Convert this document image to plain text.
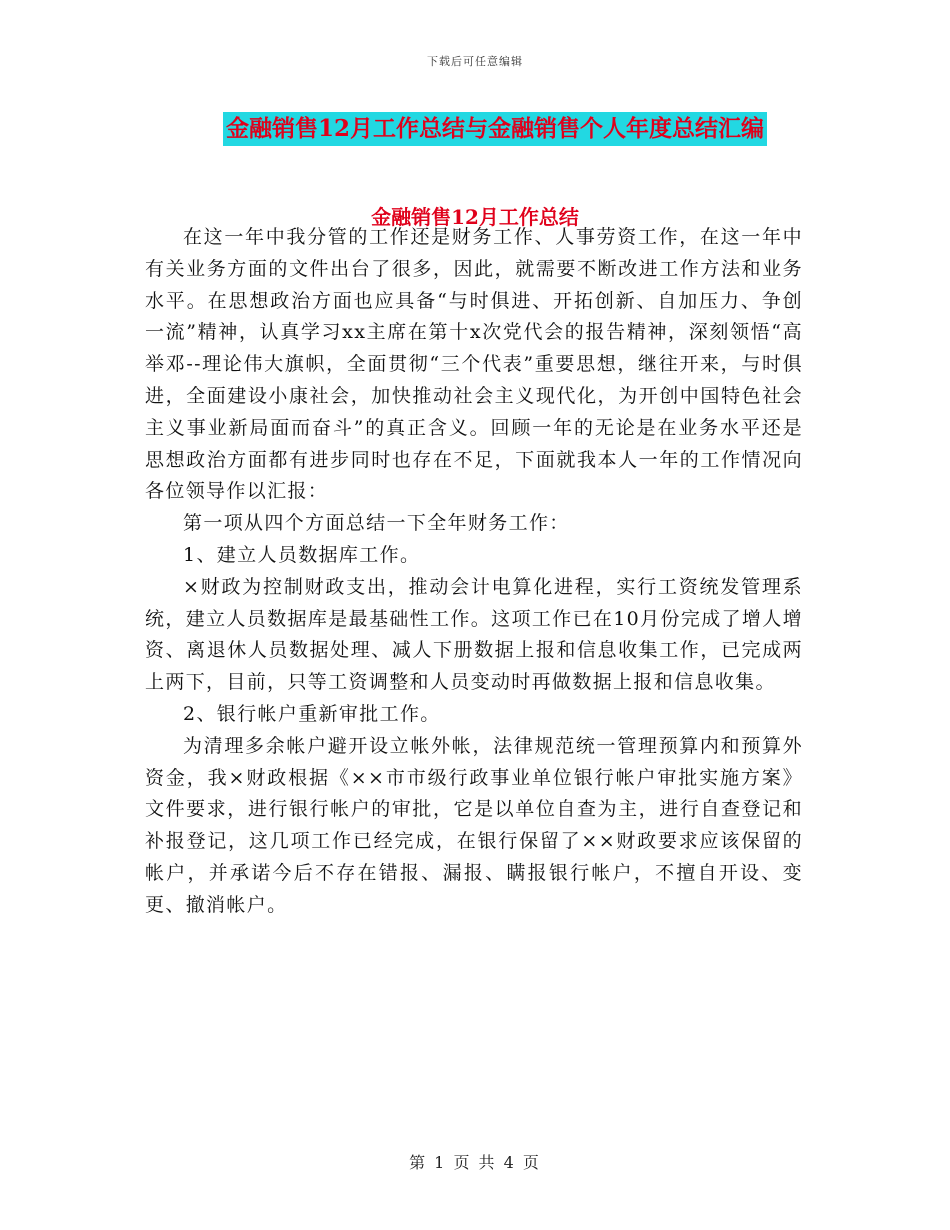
下载后可任意编辑
金融销售12月工作总结与金融销售个人年度总结汇编
金融销售12月工作总结

在这一年中我分管的工作还是财务工作、人事劳资工作，在这一年中有关业务方面的文件出台了很多，因此，就需要不断改进工作方法和业务水平。在思想政治方面也应具备“与时俱进、开拓创新、自加压力、争创一流”精神，认真学习xx主席在第十x次党代会的报告精神，深刻领悟“高举邓--理论伟大旗帜，全面贯彻“三个代表”重要思想，继往开来，与时俱进，全面建设小康社会，加快推动社会主义现代化，为开创中国特色社会主义事业新局面而奋斗”的真正含义。回顾一年的无论是在业务水平还是思想政治方面都有进步同时也存在不足，下面就我本人一年的工作情况向各位领导作以汇报：

第一项从四个方面总结一下全年财务工作：

1、建立人员数据库工作。

×财政为控制财政支出，推动会计电算化进程，实行工资统发管理系统，建立人员数据库是最基础性工作。这项工作已在10月份完成了增人增资、离退休人员数据处理、减人下册数据上报和信息收集工作，已完成两上两下，目前，只等工资调整和人员变动时再做数据上报和信息收集。

2、银行帐户重新审批工作。

为清理多余帐户避开设立帐外帐，法律规范统一管理预算内和预算外资金，我×财政根据《××市市级行政事业单位银行帐户审批实施方案》文件要求，进行银行帐户的审批，它是以单位自查为主，进行自查登记和补报登记，这几项工作已经完成，在银行保留了××财政要求应该保留的帐户，并承诺今后不存在错报、漏报、瞒报银行帐户，不擅自开设、变更、撤消帐户。

第 1 页 共 4 页
